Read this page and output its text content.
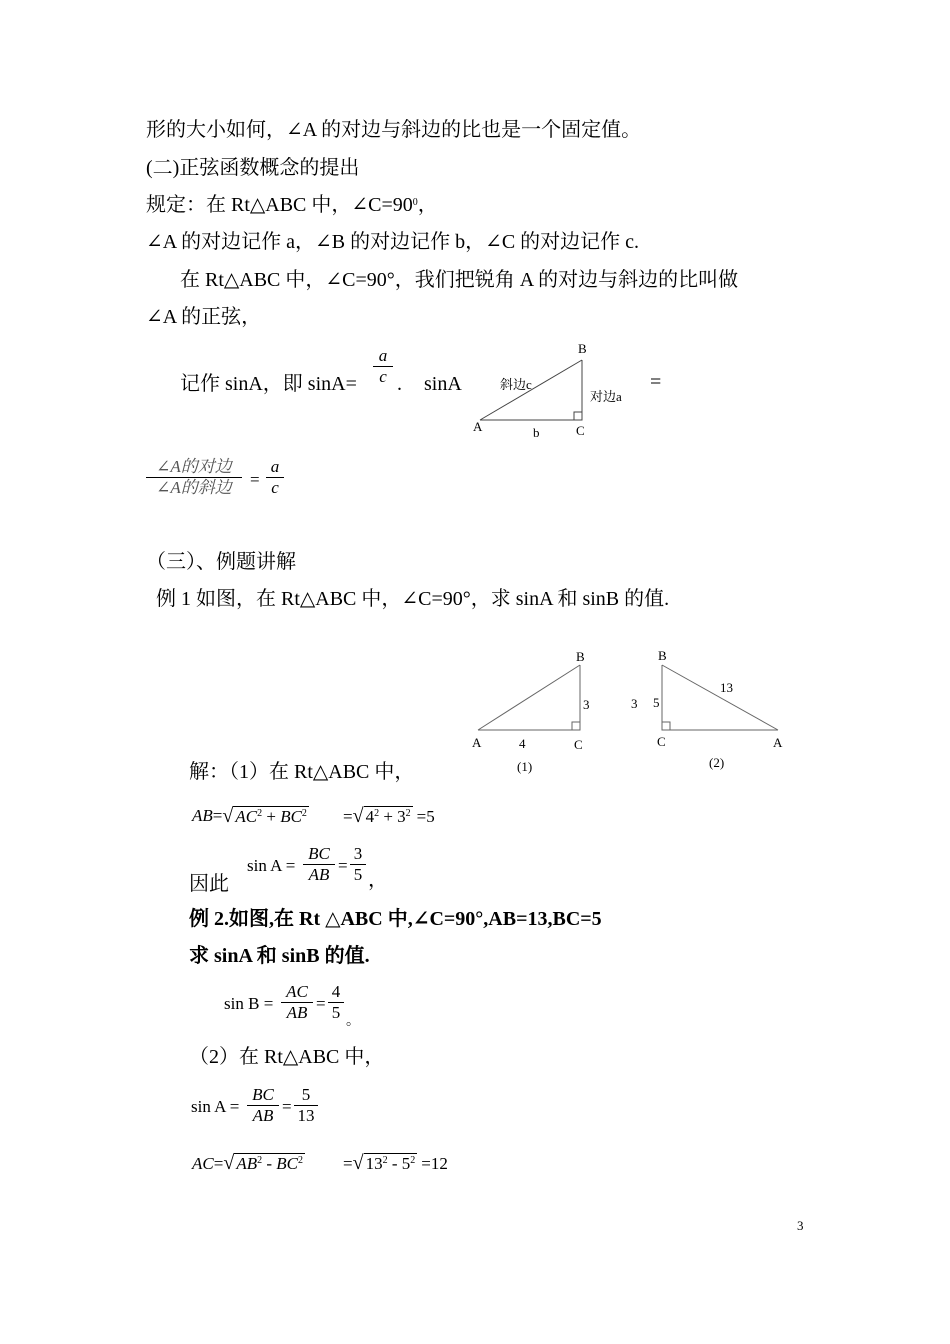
形的大小如何，∠A 的对边与斜边的比也是一个固定值。
(二)正弦函数概念的提出
规定：在 Rt△ABC 中，$\angle C=90^0$，
∠A 的对边记作 a，∠B 的对边记作 b，∠C 的对边记作 c.
在 Rt△ABC 中，∠C=90°，我们把锐角 A 的对边与斜边的比叫做
∠A 的正弦，
记作 sinA，即 sinA=
a
c . sinA	=
A
B
C
斜边c
对边a
b
∠A的对边
∠A的斜边	=
a
c
（三）、例题讲解
例 1 如图，在 Rt△ABC 中，∠C=90°，求 sinA 和 sinB 的值.
A
B
C
3
4
(1)
B
C	A
5
3
13
(2)
解：（1）在 Rt△ABC 中，
AB= √ $AC^2 + BC^2$ =√ $4^2 + 3^2 =5$
因此
sin A =
BC
AB =
3
5 ，
例 2.如图,在 Rt △ABC 中,∠C=90°,AB=13,BC=5
求 sinA 和 sinB 的值.
sin B =
AC
AB =
4
5 。
（2）在 Rt△ABC 中，
sin A =
BC
AB =
5
13
AC=√ $AB^2 - BC^2$ =√ $13^2 - 5^2 =12$
3
